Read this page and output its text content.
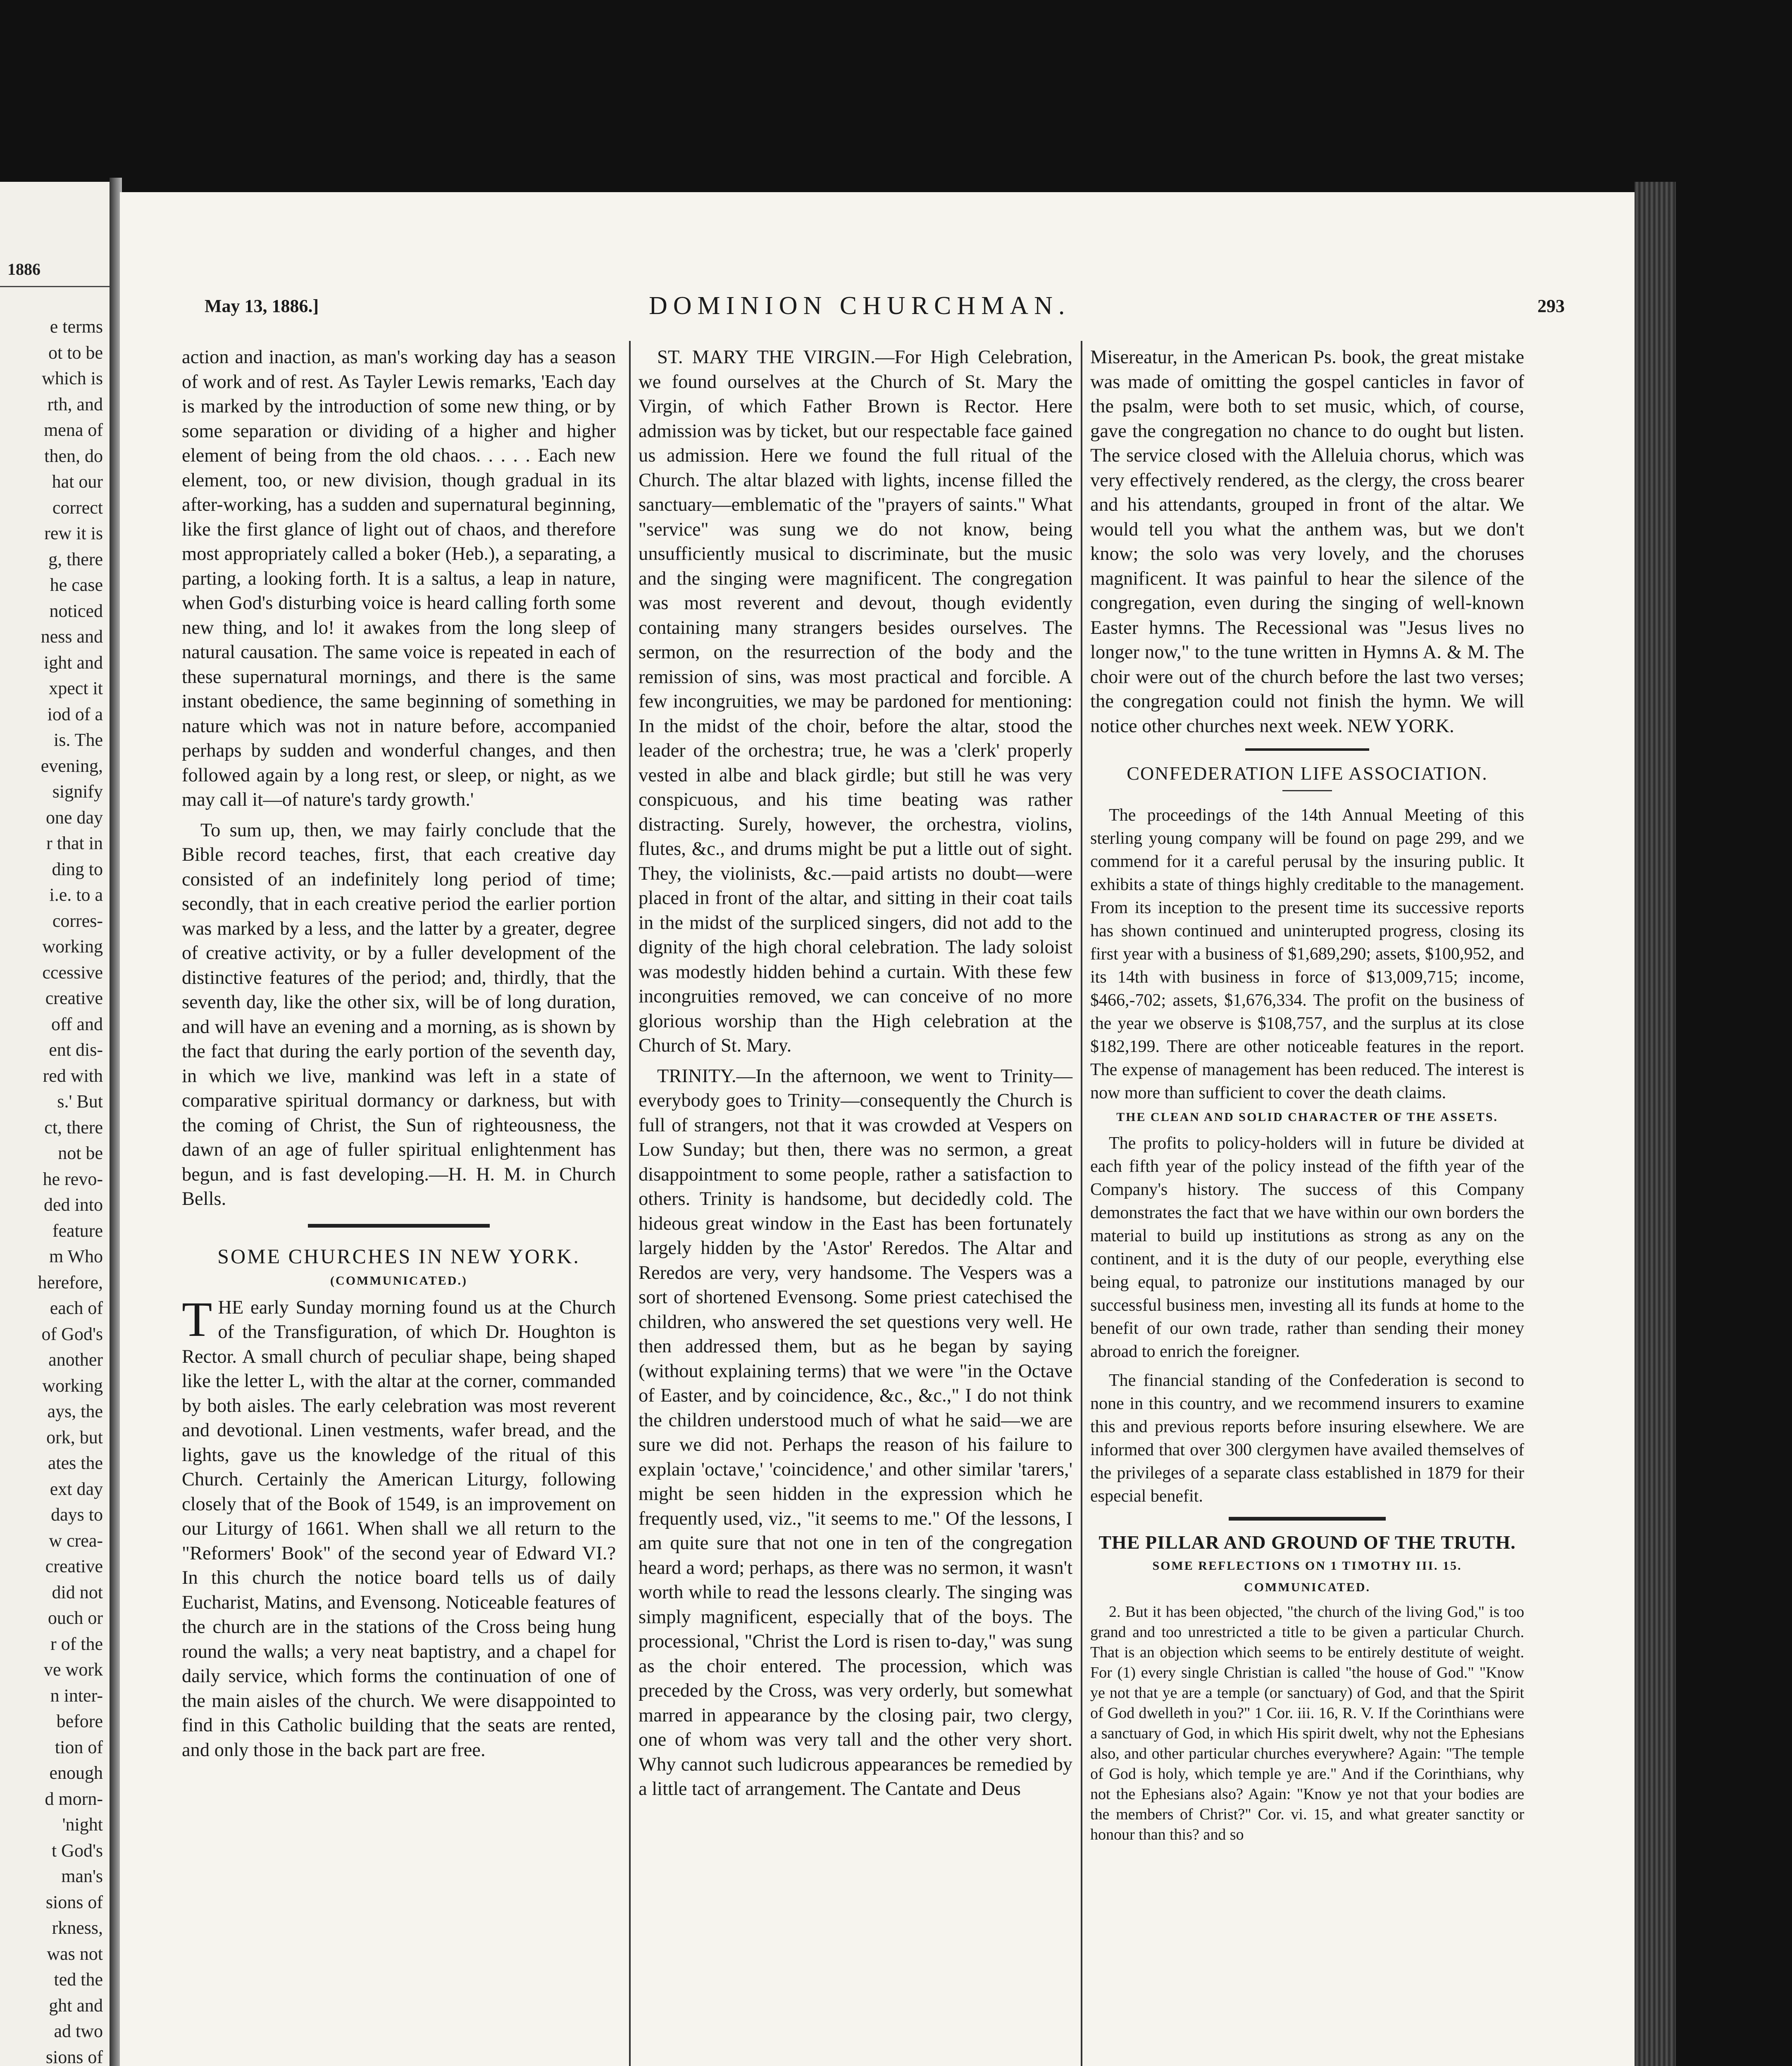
1886
e terms
ot to be
which is
rth, and
mena of
then, do
hat our
correct
rew it is
g, there
he case
noticed
ness and
ight and
xpect it
iod of a
is. The
evening,
signify
one day
r that in
ding to
i.e. to a
corres-
working
ccessive
creative
off and
ent dis-
red with
s.' But
ct, there
not be
he revo-
ded into
feature
m Who
herefore,
each of
of God's
another
working
ays, the
ork, but
ates the
ext day
days to
w crea-
creative
did not
ouch or
r of the
ve work
n inter-
before
tion of
enough
d morn-
'night
t God's
man's
sions of
rkness,
was not
ted the
ght and
ad two
sions of
May 13, 1886.]	DOMINION CHURCHMAN.	293

action and inaction, as man's working day has a season of work and of rest. As Tayler Lewis remarks, 'Each day is marked by the introduction of some new thing, or by some separation or dividing of a higher and higher element of being from the old chaos. . . . . Each new element, too, or new division, though gradual in its after-working, has a sudden and supernatural beginning, like the first glance of light out of chaos, and therefore most appropriately called a boker (Heb.), a separating, a parting, a looking forth. It is a saltus, a leap in nature, when God's disturbing voice is heard calling forth some new thing, and lo! it awakes from the long sleep of natural causation. The same voice is repeated in each of these supernatural mornings, and there is the same instant obedience, the same beginning of something in nature which was not in nature before, accompanied perhaps by sudden and wonderful changes, and then followed again by a long rest, or sleep, or night, as we may call it—of nature's tardy growth.'

To sum up, then, we may fairly conclude that the Bible record teaches, first, that each creative day consisted of an indefinitely long period of time; secondly, that in each creative period the earlier portion was marked by a less, and the latter by a greater, degree of creative activity, or by a fuller development of the distinctive features of the period; and, thirdly, that the seventh day, like the other six, will be of long duration, and will have an evening and a morning, as is shown by the fact that during the early portion of the seventh day, in which we live, mankind was left in a state of comparative spiritual dormancy or darkness, but with the coming of Christ, the Sun of righteousness, the dawn of an age of fuller spiritual enlightenment has begun, and is fast developing.—H. H. M. in Church Bells.

SOME CHURCHES IN NEW YORK.
(COMMUNICATED.)

THE early Sunday morning found us at the Church of the Transfiguration, of which Dr. Houghton is Rector. A small church of peculiar shape, being shaped like the letter L, with the altar at the corner, commanded by both aisles. The early celebration was most reverent and devotional. Linen vestments, wafer bread, and the lights, gave us the knowledge of the ritual of this Church. Certainly the American Liturgy, following closely that of the Book of 1549, is an improvement on our Liturgy of 1661. When shall we all return to the "Reformers' Book" of the second year of Edward VI.? In this church the notice board tells us of daily Eucharist, Matins, and Evensong. Noticeable features of the church are in the stations of the Cross being hung round the walls; a very neat baptistry, and a chapel for daily service, which forms the continuation of one of the main aisles of the church. We were disappointed to find in this Catholic building that the seats are rented, and only those in the back part are free.

ST. MARY THE VIRGIN.—For High Celebration, we found ourselves at the Church of St. Mary the Virgin, of which Father Brown is Rector. Here admission was by ticket, but our respectable face gained us admission. Here we found the full ritual of the Church. The altar blazed with lights, incense filled the sanctuary—emblematic of the "prayers of saints." What "service" was sung we do not know, being unsufficiently musical to discriminate, but the music and the singing were magnificent. The congregation was most reverent and devout, though evidently containing many strangers besides ourselves. The sermon, on the resurrection of the body and the remission of sins, was most practical and forcible. A few incongruities, we may be pardoned for mentioning: In the midst of the choir, before the altar, stood the leader of the orchestra; true, he was a 'clerk' properly vested in albe and black girdle; but still he was very conspicuous, and his time beating was rather distracting. Surely, however, the orchestra, violins, flutes, &c., and drums might be put a little out of sight. They, the violinists, &c.—paid artists no doubt—were placed in front of the altar, and sitting in their coat tails in the midst of the surpliced singers, did not add to the dignity of the high choral celebration. The lady soloist was modestly hidden behind a curtain. With these few incongruities removed, we can conceive of no more glorious worship than the High celebration at the Church of St. Mary.

TRINITY.—In the afternoon, we went to Trinity—everybody goes to Trinity—consequently the Church is full of strangers, not that it was crowded at Vespers on Low Sunday; but then, there was no sermon, a great disappointment to some people, rather a satisfaction to others. Trinity is handsome, but decidedly cold. The hideous great window in the East has been fortunately largely hidden by the 'Astor' Reredos. The Altar and Reredos are very, very handsome. The Vespers was a sort of shortened Evensong. Some priest catechised the children, who answered the set questions very well. He then addressed them, but as he began by saying (without explaining terms) that we were "in the Octave of Easter, and by coincidence, &c., &c.," I do not think the children understood much of what he said—we are sure we did not. Perhaps the reason of his failure to explain 'octave,' 'coincidence,' and other similar 'tarers,' might be seen hidden in the expression which he frequently used, viz., "it seems to me." Of the lessons, I am quite sure that not one in ten of the congregation heard a word; perhaps, as there was no sermon, it wasn't worth while to read the lessons clearly. The singing was simply magnificent, especially that of the boys. The processional, "Christ the Lord is risen to-day," was sung as the choir entered. The procession, which was preceded by the Cross, was very orderly, but somewhat marred in appearance by the closing pair, two clergy, one of whom was very tall and the other very short. Why cannot such ludicrous appearances be remedied by a little tact of arrangement. The Cantate and Deus

Misereatur, in the American Ps. book, the great mistake was made of omitting the gospel canticles in favor of the psalm, were both to set music, which, of course, gave the congregation no chance to do ought but listen. The service closed with the Alleluia chorus, which was very effectively rendered, as the clergy, the cross bearer and his attendants, grouped in front of the altar. We would tell you what the anthem was, but we don't know; the solo was very lovely, and the choruses magnificent. It was painful to hear the silence of the congregation, even during the singing of well-known Easter hymns. The Recessional was "Jesus lives no longer now," to the tune written in Hymns A. & M. The choir were out of the church before the last two verses; the congregation could not finish the hymn. We will notice other churches next week. NEW YORK.

CONFEDERATION LIFE ASSOCIATION.

The proceedings of the 14th Annual Meeting of this sterling young company will be found on page 299, and we commend for it a careful perusal by the insuring public. It exhibits a state of things highly creditable to the management. From its inception to the present time its successive reports has shown continued and uninterupted progress, closing its first year with a business of $1,689,290; assets, $100,952, and its 14th with business in force of $13,009,715; income, $466,-702; assets, $1,676,334. The profit on the business of the year we observe is $108,757, and the surplus at its close $182,199. There are other noticeable features in the report. The expense of management has been reduced. The interest is now more than sufficient to cover the death claims.

THE CLEAN AND SOLID CHARACTER OF THE ASSETS.

The profits to policy-holders will in future be divided at each fifth year of the policy instead of the fifth year of the Company's history. The success of this Company demonstrates the fact that we have within our own borders the material to build up institutions as strong as any on the continent, and it is the duty of our people, everything else being equal, to patronize our institutions managed by our successful business men, investing all its funds at home to the benefit of our own trade, rather than sending their money abroad to enrich the foreigner.

The financial standing of the Confederation is second to none in this country, and we recommend insurers to examine this and previous reports before insuring elsewhere. We are informed that over 300 clergymen have availed themselves of the privileges of a separate class established in 1879 for their especial benefit.

THE PILLAR AND GROUND OF THE TRUTH.
SOME REFLECTIONS ON 1 TIMOTHY III. 15.
COMMUNICATED.

2. But it has been objected, "the church of the living God," is too grand and too unrestricted a title to be given a particular Church. That is an objection which seems to be entirely destitute of weight. For (1) every single Christian is called "the house of God." "Know ye not that ye are a temple (or sanctuary) of God, and that the Spirit of God dwelleth in you?" 1 Cor. iii. 16, R. V. If the Corinthians were a sanctuary of God, in which His spirit dwelt, why not the Ephesians also, and other particular churches everywhere? Again: "The temple of God is holy, which temple ye are." And if the Corinthians, why not the Ephesians also? Again: "Know ye not that your bodies are the members of Christ?" Cor. vi. 15, and what greater sanctity or honour than this? and so
